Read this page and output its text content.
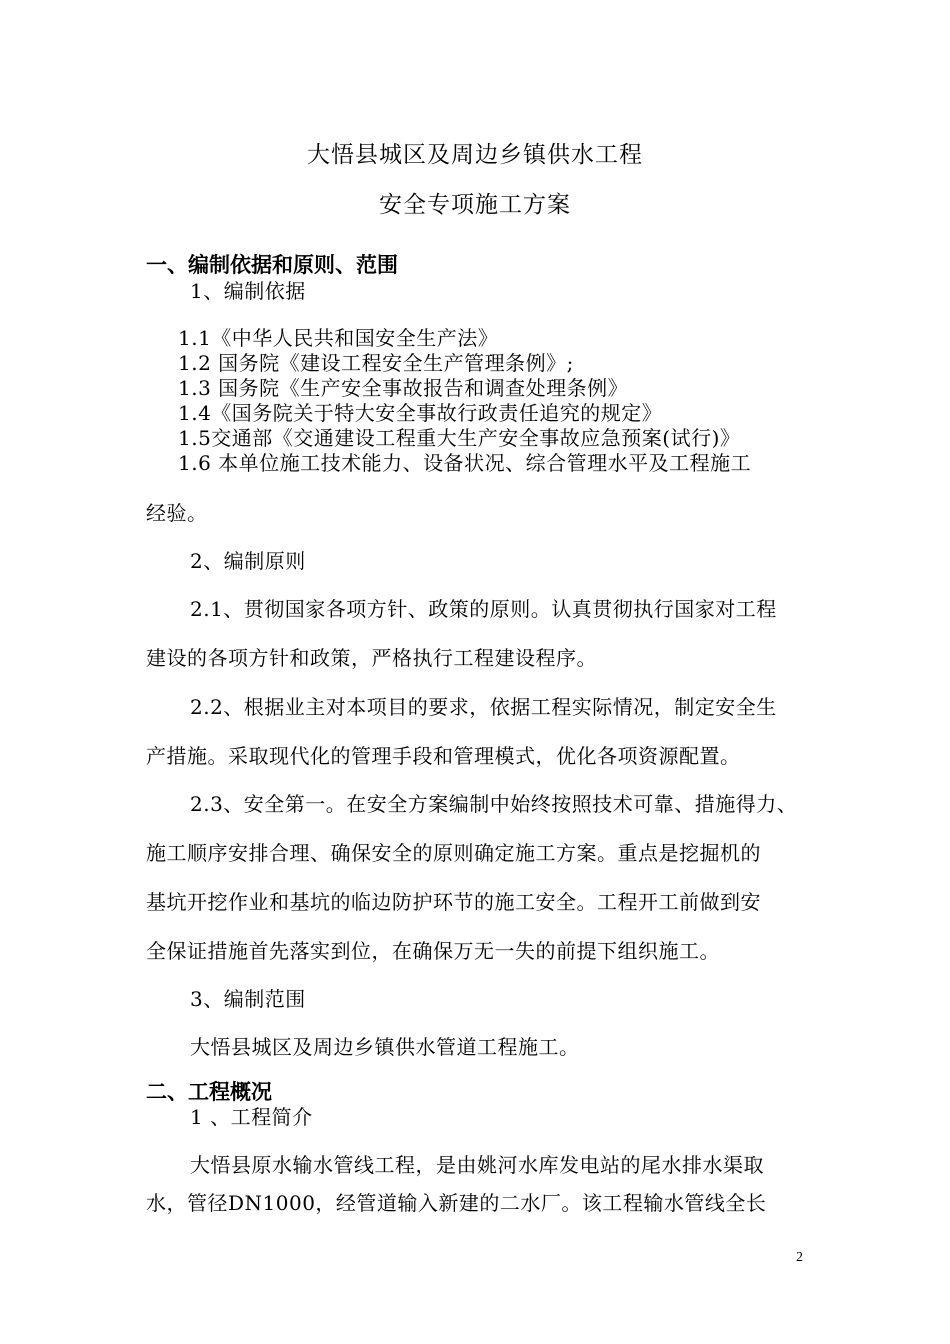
大悟县城区及周边乡镇供水工程
安全专项施工方案
一、编制依据和原则、范围
1、编制依据
1.1《中华人民共和国安全生产法》
1.2 国务院《建设工程安全生产管理条例》;
1.3 国务院《生产安全事故报告和调查处理条例》
1.4《国务院关于特大安全事故行政责任追究的规定》
1.5交通部《交通建设工程重大生产安全事故应急预案(试行)》
1.6 本单位施工技术能力、设备状况、综合管理水平及工程施工
经验。
2、编制原则
2.1、贯彻国家各项方针、政策的原则。认真贯彻执行国家对工程
建设的各项方针和政策，严格执行工程建设程序。
2.2、根据业主对本项目的要求，依据工程实际情况，制定安全生
产措施。采取现代化的管理手段和管理模式，优化各项资源配置。
2.3、安全第一。在安全方案编制中始终按照技术可靠、措施得力、
施工顺序安排合理、确保安全的原则确定施工方案。重点是挖掘机的
基坑开挖作业和基坑的临边防护环节的施工安全。工程开工前做到安
全保证措施首先落实到位，在确保万无一失的前提下组织施工。
3、编制范围
大悟县城区及周边乡镇供水管道工程施工。
二、工程概况
1 、工程简介
大悟县原水输水管线工程，是由姚河水库发电站的尾水排水渠取
水，管径DN1000，经管道输入新建的二水厂。该工程输水管线全长
2
